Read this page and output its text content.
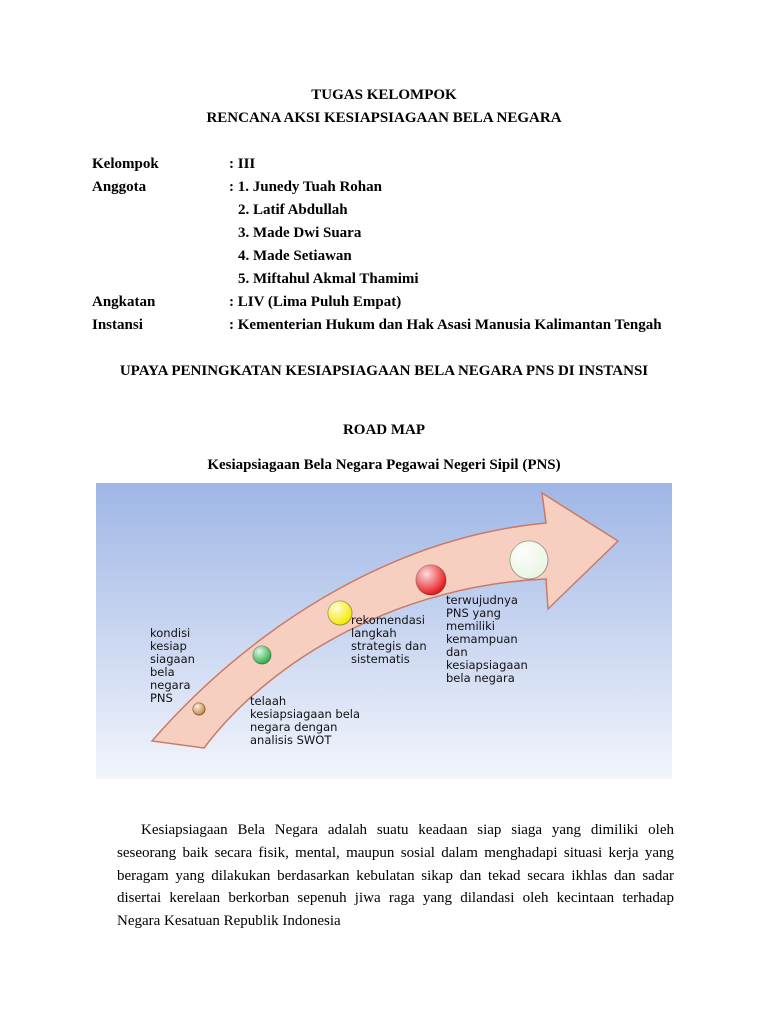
TUGAS KELOMPOK
RENCANA AKSI KESIAPSIAGAAN BELA NEGARA
Kelompok	: III
Anggota	: 1. Junedy Tuah Rohan
2. Latif Abdullah
3. Made Dwi Suara
4. Made Setiawan
5. Miftahul Akmal Thamimi
Angkatan	: LIV (Lima Puluh Empat)
Instansi	: Kementerian Hukum dan Hak Asasi Manusia Kalimantan Tengah
UPAYA PENINGKATAN KESIAPSIAGAAN BELA NEGARA PNS DI INSTANSI
ROAD MAP
Kesiapsiagaan Bela Negara Pegawai Negeri Sipil (PNS)
kondisi
kesiap
siagaan
bela
negara
PNS	telaah
kesiapsiagaan bela
negara dengan
analisis SWOT
rekomendasi
langkah
strategis dan
sistematis
terwujudnya
PNS yang
memiliki
kemampuan
dan
kesiapsiagaan
bela negara

Kesiapsiagaan Bela Negara adalah suatu keadaan siap siaga yang dimiliki oleh seseorang baik secara fisik, mental, maupun sosial dalam menghadapi situasi kerja yang beragam yang dilakukan berdasarkan kebulatan sikap dan tekad secara ikhlas dan sadar disertai kerelaan berkorban sepenuh jiwa raga yang dilandasi oleh kecintaan terhadap Negara Kesatuan Republik Indonesia
